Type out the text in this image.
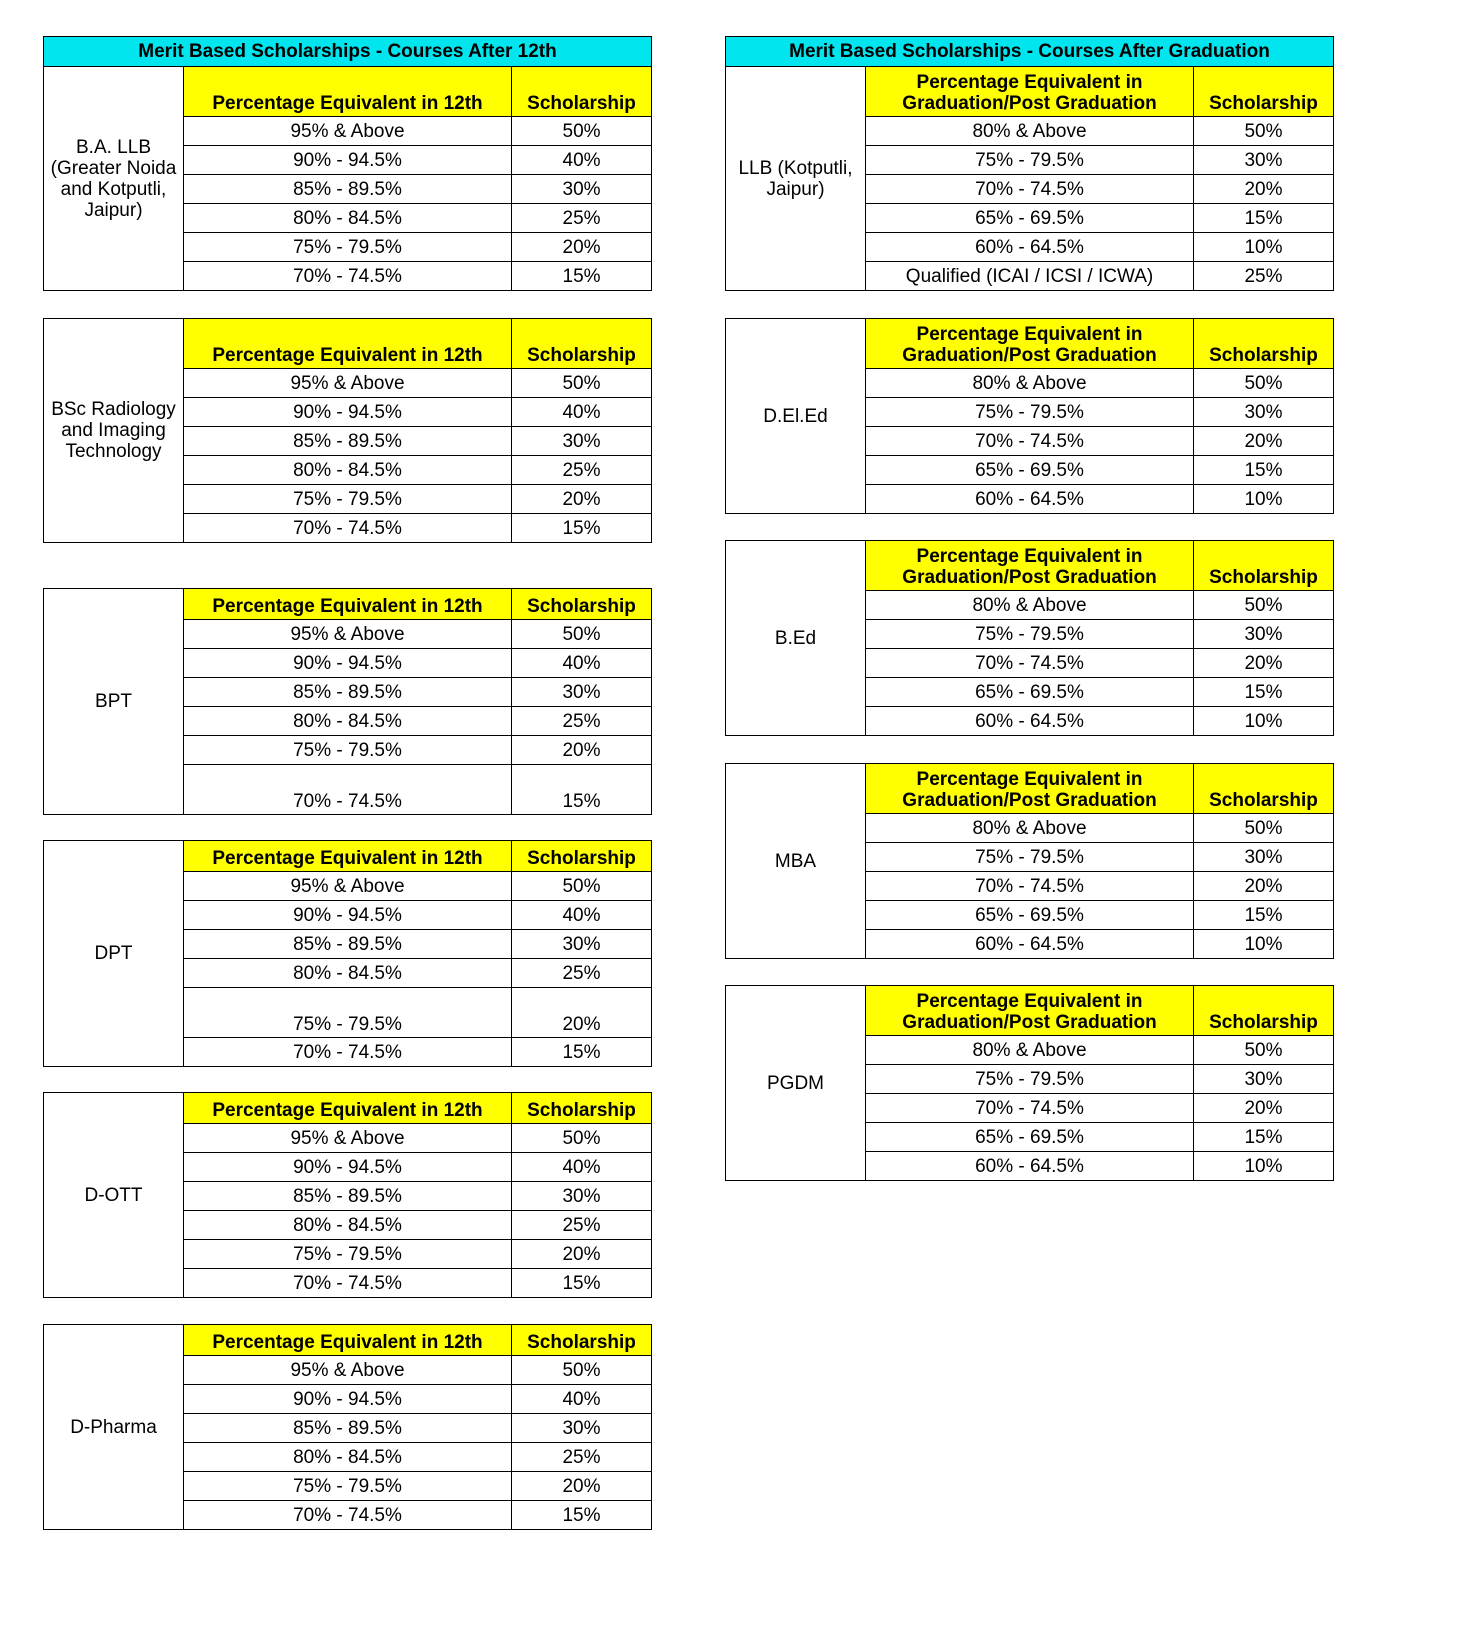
Merit Based Scholarships - Courses After 12th		

B.A. LLB
(Greater Noida
and Kotputli,
Jaipur)	Percentage Equivalent in 12th	Scholarship
	95% & Above	50%
	90% - 94.5%	40%
	85% - 89.5%	30%
	80% - 84.5%	25%
	75% - 79.5%	20%
	70% - 74.5%	15%
BSc Radiology
and Imaging
Technology	Percentage Equivalent in 12th	Scholarship
	95% & Above	50%
	90% - 94.5%	40%
	85% - 89.5%	30%
	80% - 84.5%	25%
	75% - 79.5%	20%
	70% - 74.5%	15%
BPT	Percentage Equivalent in 12th	Scholarship
	95% & Above	50%
	90% - 94.5%	40%
	85% - 89.5%	30%
	80% - 84.5%	25%
	75% - 79.5%	20%
	70% - 74.5%	15%
DPT	Percentage Equivalent in 12th	Scholarship
	95% & Above	50%
	90% - 94.5%	40%
	85% - 89.5%	30%
	80% - 84.5%	25%
	75% - 79.5%	20%
	70% - 74.5%	15%
D-OTT	Percentage Equivalent in 12th	Scholarship
	95% & Above	50%
	90% - 94.5%	40%
	85% - 89.5%	30%
	80% - 84.5%	25%
	75% - 79.5%	20%
	70% - 74.5%	15%
D-Pharma	Percentage Equivalent in 12th	Scholarship
	95% & Above	50%
	90% - 94.5%	40%
	85% - 89.5%	30%
	80% - 84.5%	25%
	75% - 79.5%	20%
	70% - 74.5%	15%
Merit Based Scholarships - Courses After Graduation		

LLB (Kotputli,
Jaipur)	Percentage Equivalent in
Graduation/Post Graduation	Scholarship
	80% & Above	50%
	75% - 79.5%	30%
	70% - 74.5%	20%
	65% - 69.5%	15%
	60% - 64.5%	10%
	Qualified (ICAI / ICSI / ICWA)	25%
D.El.Ed	Percentage Equivalent in
Graduation/Post Graduation	Scholarship
	80% & Above	50%
	75% - 79.5%	30%
	70% - 74.5%	20%
	65% - 69.5%	15%
	60% - 64.5%	10%
B.Ed	Percentage Equivalent in
Graduation/Post Graduation	Scholarship
	80% & Above	50%
	75% - 79.5%	30%
	70% - 74.5%	20%
	65% - 69.5%	15%
	60% - 64.5%	10%
MBA	Percentage Equivalent in
Graduation/Post Graduation	Scholarship
	80% & Above	50%
	75% - 79.5%	30%
	70% - 74.5%	20%
	65% - 69.5%	15%
	60% - 64.5%	10%
PGDM	Percentage Equivalent in
Graduation/Post Graduation	Scholarship
	80% & Above	50%
	75% - 79.5%	30%
	70% - 74.5%	20%
	65% - 69.5%	15%
	60% - 64.5%	10%
